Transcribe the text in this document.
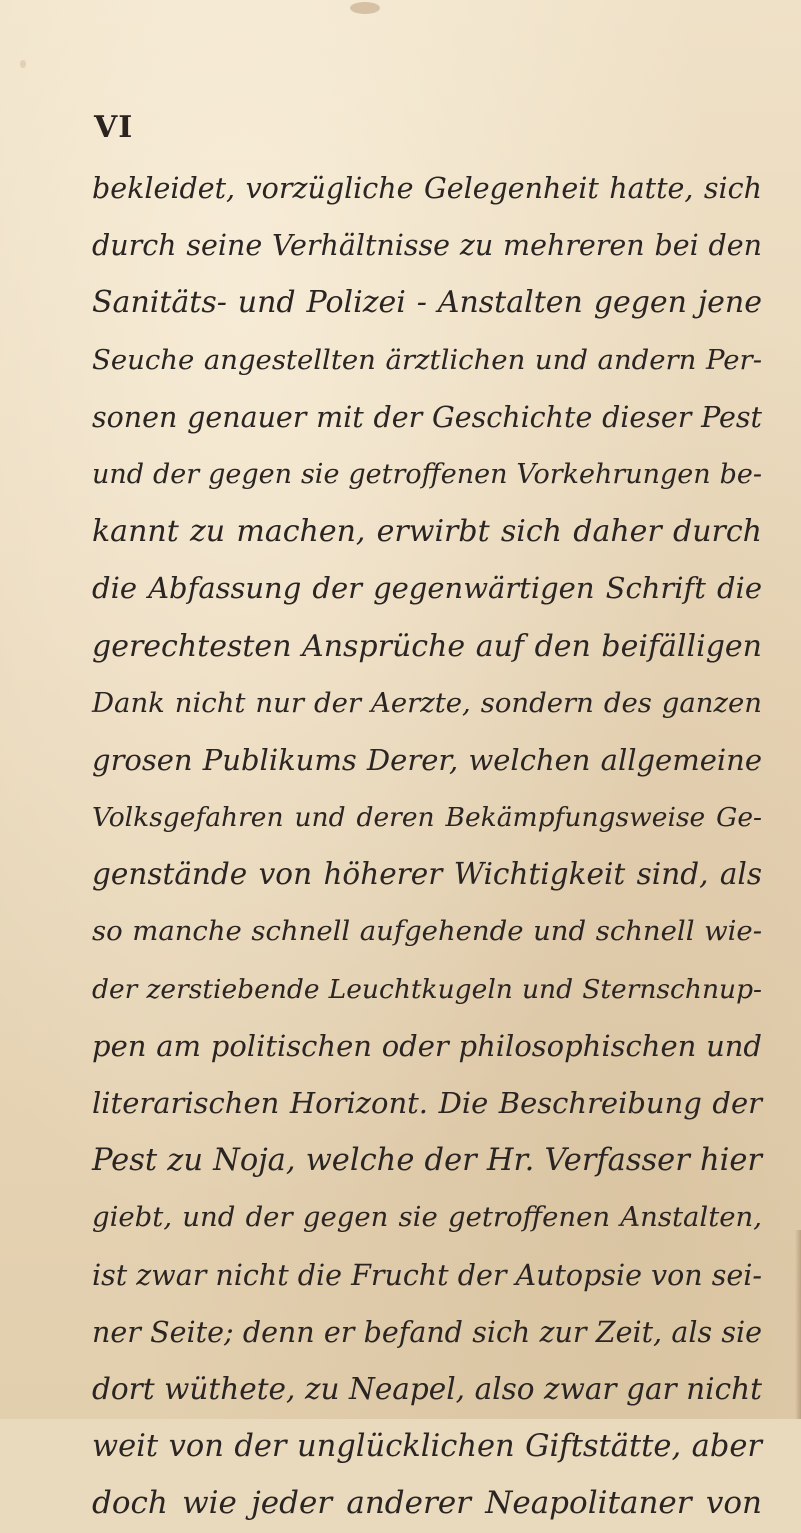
VI
bekleidet, vorzügliche Gelegenheit hatte, sich
durch seine Verhältnisse zu mehreren bei den
Sanitäts- und Polizei - Anstalten gegen jene
Seuche angestellten ärztlichen und andern Per-
sonen genauer mit der Geschichte dieser Pest
und der gegen sie getroffenen Vorkehrungen be-
kannt zu machen, erwirbt sich daher durch
die Abfassung der gegenwärtigen Schrift die
gerechtesten Ansprüche auf den beifälligen
Dank nicht nur der Aerzte, sondern des ganzen
grosen Publikums Derer, welchen allgemeine
Volksgefahren und deren Bekämpfungsweise Ge-
genstände von höherer Wichtigkeit sind, als
so manche schnell aufgehende und schnell wie-
der zerstiebende Leuchtkugeln und Sternschnup-
pen am politischen oder philosophischen und
literarischen Horizont. Die Beschreibung der
Pest zu Noja, welche der Hr. Verfasser hier
giebt, und der gegen sie getroffenen Anstalten,
ist zwar nicht die Frucht der Autopsie von sei-
ner Seite; denn er befand sich zur Zeit, als sie
dort wüthete, zu Neapel, also zwar gar nicht
weit von der unglücklichen Giftstätte, aber
doch wie jeder anderer Neapolitaner von
